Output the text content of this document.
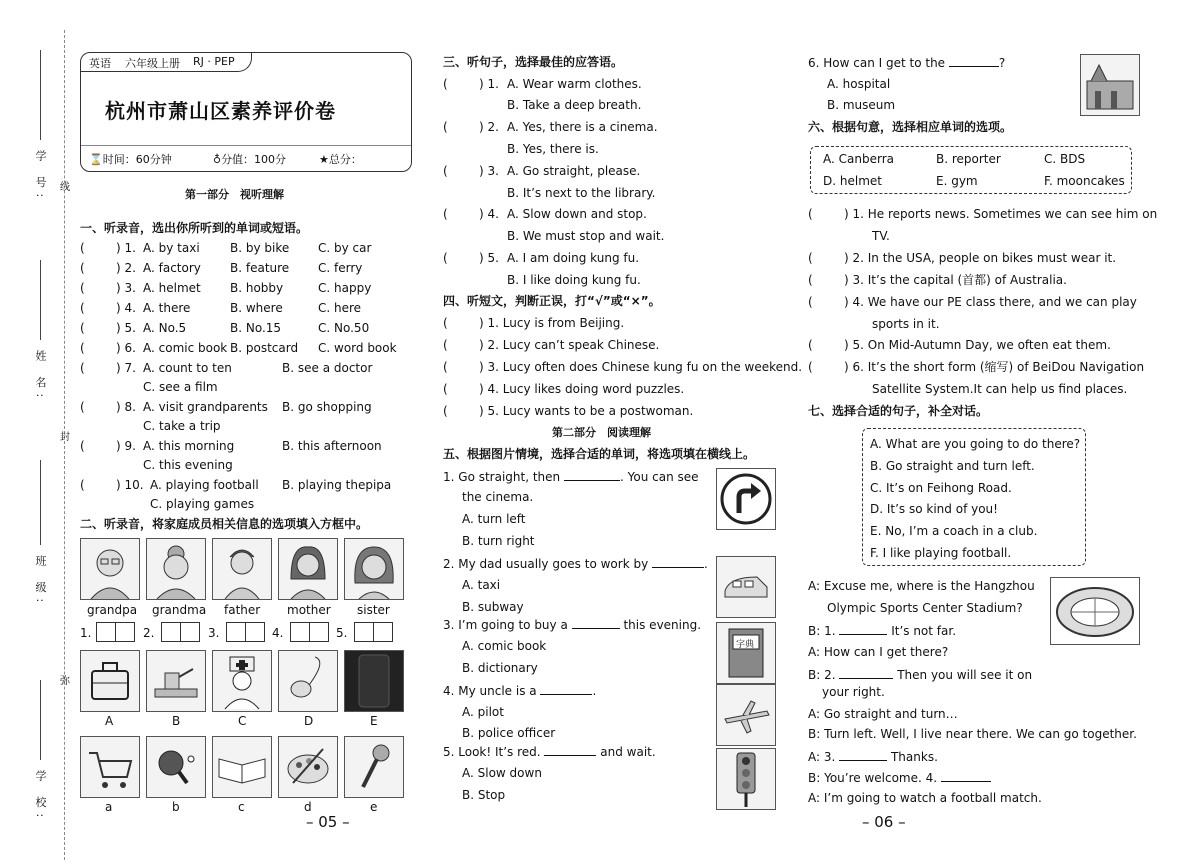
学 号:
姓 名:
班 级:
学 校:
线
封
弥
英语 六年级上册 RJ · PEP
杭州市萧山区素养评价卷
⌛时间：60分钟	♁分值：100分	★总分：
第一部分　视听理解
一、听录音，选出你所听到的单词或短语。
(	) 1. A. by taxi	B. by bike C. by car
(	) 2. A. factory B. feature C. ferry
(	) 3. A. helmet B. hobby	C. happy
(	) 4. A. there	B. where	C. here
(	) 5. A. No.5	B. No.15	C. No.50
(	) 6. A. comic book B. postcard C. word book
(	) 7. A. count to ten	B. see a doctor
C. see a film
(	) 8. A. visit grandparents B. go shopping
C. take a trip
(	) 9. A. this morning	B. this afternoon
C. this evening
(	) 10. A. playing football B. playing thepipa
C. playing games
二、听录音，将家庭成员相关信息的选项填入方框中。
grandpa grandma father mother sister
1.	2.	3.	4.	5.
A	B	C	D	E
a	b	c	d	e
三、听句子，选择最佳的应答语。
(	) 1. A. Wear warm clothes.
B. Take a deep breath.
(	) 2. A. Yes, there is a cinema.
B. Yes, there is.
(	) 3. A. Go straight, please.
B. It’s next to the library.
(	) 4. A. Slow down and stop.
B. We must stop and wait.
(	) 5. A. I am doing kung fu.
B. I like doing kung fu.
四、听短文，判断正误，打“√”或“×”。
(	) 1. Lucy is from Beijing.
(	) 2. Lucy can’t speak Chinese.
(	) 3. Lucy often does Chinese kung fu on the weekend.
(	) 4. Lucy likes doing word puzzles.
(	) 5. Lucy wants to be a postwoman.
第二部分　阅读理解
五、根据图片情境，选择合适的单词，将选项填在横线上。
1. Go straight, then	. You can see
the cinema.
A. turn left
B. turn right
2. My dad usually goes to work by	.
A. taxi
B. subway
3. I’m going to buy a	this evening.
A. comic book
B. dictionary
字典
4. My uncle is a	.
A. pilot
B. police officer
5. Look! It’s red.	and wait.
A. Slow down
B. Stop
– 05 –
6. How can I get to the	?
A. hospital
B. museum
六、根据句意，选择相应单词的选项。
A. Canberra	B. reporter	C. BDS
D. helmet	E. gym	F. mooncakes
(	) 1. He reports news. Sometimes we can see him on
TV.
(	) 2. In the USA, people on bikes must wear it.
(	) 3. It’s the capital (首都) of Australia.
(	) 4. We have our PE class there, and we can play
sports in it.
(	) 5. On Mid-Autumn Day, we often eat them.
(	) 6. It’s the short form (缩写) of BeiDou Navigation
Satellite System.It can help us find places.
七、选择合适的句子，补全对话。
A. What are you going to do there?
B. Go straight and turn left.
C. It’s on Feihong Road.
D. It’s so kind of you!
E. No, I’m a coach in a club.
F. I like playing football.
A: Excuse me, where is the Hangzhou
Olympic Sports Center Stadium?
B: 1.	It’s not far.
A: How can I get there?
B: 2.	Then you will see it on
your right.
A: Go straight and turn…
B: Turn left. Well, I live near there. We can go together.
A: 3.	Thanks.
B: You’re welcome. 4.
A: I’m going to watch a football match.
– 06 –
